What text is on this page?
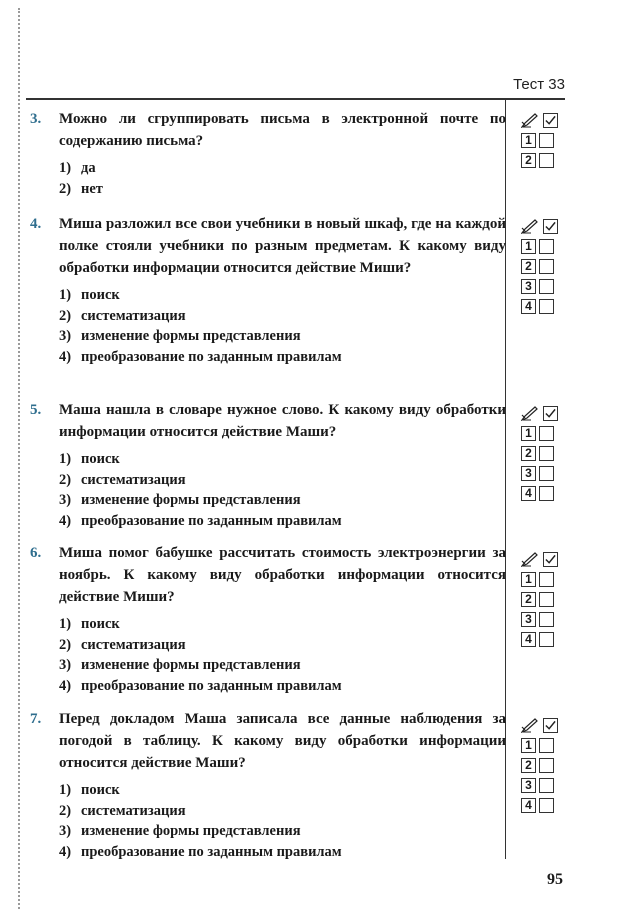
Тест 33
3.	Можно ли сгруппировать письма в электронной почте по содержанию письма?
1) да
2) нет
4.	Миша разложил все свои учебники в новый шкаф, где на каждой полке стояли учебники по разным предметам. К какому виду обработки информации относится действие Миши?
1) поиск
2) систематизация
3) изменение формы представления
4) преобразование по заданным правилам
5.	Маша нашла в словаре нужное слово. К какому виду обработки информации относится действие Маши?
1) поиск
2) систематизация
3) изменение формы представления
4) преобразование по заданным правилам
6.	Миша помог бабушке рассчитать стоимость электроэнергии за ноябрь. К какому виду обработки информации относится действие Миши?
1) поиск
2) систематизация
3) изменение формы представления
4) преобразование по заданным правилам
7.	Перед докладом Маша записала все данные наблюдения за погодой в таблицу. К какому виду обработки информации относится действие Маши?
1) поиск
2) систематизация
3) изменение формы представления
4) преобразование по заданным правилам
1
2
1
2
3
4
1
2
3
4
1
2
3
4
1
2
3
4
95
